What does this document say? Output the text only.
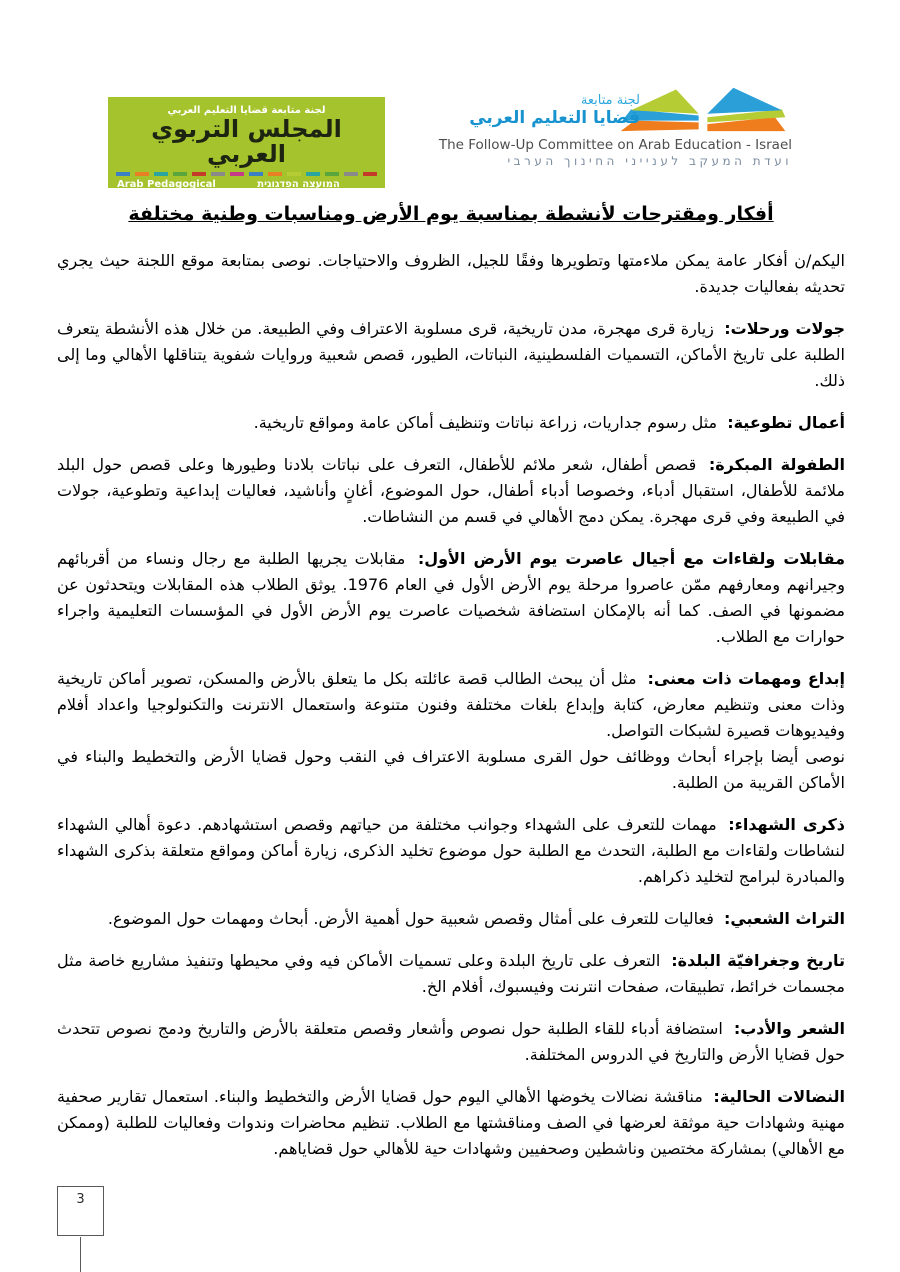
لجنة متابعة قضايا التعليم العربي
المجلس التربوي العربي
Arab Pedagogical Council
המועצה הפדגוגית הערבית
لجنة متابعة
قضايا التعليم العربي
The Follow-Up Committee on Arab Education - Israel
ועדת המעקב לענייני החינוך הערבי
أفكار ومقترحات لأنشطة بمناسبة يوم الأرض ومناسبات وطنية مختلفة

اليكم/ن أفكار عامة يمكن ملاءمتها وتطويرها وفقًا للجيل، الظروف والاحتياجات. نوصى بمتابعة موقع اللجنة حيث يجري تحديثه بفعاليات جديدة.

جولات ورحلات: زيارة قرى مهجرة، مدن تاريخية، قرى مسلوبة الاعتراف وفي الطبيعة. من خلال هذه الأنشطة يتعرف الطلبة على تاريخ الأماكن، التسميات الفلسطينية، النباتات، الطيور، قصص شعبية وروايات شفوية يتناقلها الأهالي وما إلى ذلك.

أعمال تطوعية: مثل رسوم جداريات، زراعة نباتات وتنظيف أماكن عامة ومواقع تاريخية.

الطفولة المبكرة: قصص أطفال، شعر ملائم للأطفال، التعرف على نباتات بلادنا وطيورها وعلى قصص حول البلد ملائمة للأطفال، استقبال أدباء، وخصوصا أدباء أطفال، حول الموضوع، أغانٍ وأناشيد، فعاليات إبداعية وتطوعية، جولات في الطبيعة وفي قرى مهجرة. يمكن دمج الأهالي في قسم من النشاطات.

مقابلات ولقاءات مع أجيال عاصرت يوم الأرض الأول: مقابلات يجريها الطلبة مع رجال ونساء من أقربائهم وجيرانهم ومعارفهم ممّن عاصروا مرحلة يوم الأرض الأول في العام 1976. يوثق الطلاب هذه المقابلات ويتحدثون عن مضمونها في الصف. كما أنه بالإمكان استضافة شخصيات عاصرت يوم الأرض الأول في المؤسسات التعليمية واجراء حوارات مع الطلاب.

إبداع ومهمات ذات معنى: مثل أن يبحث الطالب قصة عائلته بكل ما يتعلق بالأرض والمسكن، تصوير أماكن تاريخية وذات معنى وتنظيم معارض، كتابة وإبداع بلغات مختلفة وفنون متنوعة واستعمال الانترنت والتكنولوجيا واعداد أفلام وفيديوهات قصيرة لشبكات التواصل.
نوصى أيضا بإجراء أبحاث ووظائف حول القرى مسلوبة الاعتراف في النقب وحول قضايا الأرض والتخطيط والبناء في الأماكن القريبة من الطلبة.

ذكرى الشهداء: مهمات للتعرف على الشهداء وجوانب مختلفة من حياتهم وقصص استشهادهم. دعوة أهالي الشهداء لنشاطات ولقاءات مع الطلبة، التحدث مع الطلبة حول موضوع تخليد الذكرى، زيارة أماكن ومواقع متعلقة بذكرى الشهداء والمبادرة لبرامج لتخليد ذكراهم.

التراث الشعبي: فعاليات للتعرف على أمثال وقصص شعبية حول أهمية الأرض. أبحاث ومهمات حول الموضوع.

تاريخ وجغرافيّة البلدة: التعرف على تاريخ البلدة وعلى تسميات الأماكن فيه وفي محيطها وتنفيذ مشاريع خاصة مثل مجسمات خرائط، تطبيقات، صفحات انترنت وفيسبوك، أفلام الخ.

الشعر والأدب: استضافة أدباء للقاء الطلبة حول نصوص وأشعار وقصص متعلقة بالأرض والتاريخ ودمج نصوص تتحدث حول قضايا الأرض والتاريخ في الدروس المختلفة.

النضالات الحالية: مناقشة نضالات يخوضها الأهالي اليوم حول قضايا الأرض والتخطيط والبناء. استعمال تقارير صحفية مهنية وشهادات حية موثقة لعرضها في الصف ومناقشتها مع الطلاب. تنظيم محاضرات وندوات وفعاليات للطلبة (وممكن مع الأهالي) بمشاركة مختصين وناشطين وصحفيين وشهادات حية للأهالي حول قضاياهم.

3
